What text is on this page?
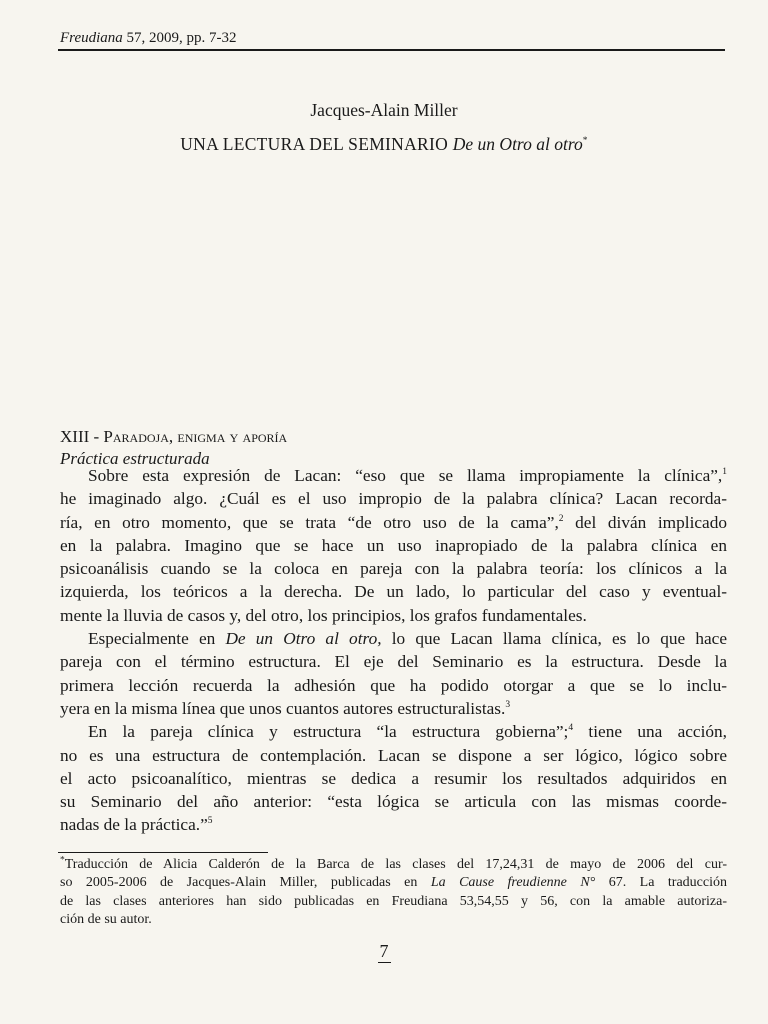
Freudiana 57, 2009, pp. 7-32
Jacques-Alain Miller
UNA LECTURA DEL SEMINARIO De un Otro al otro*
XIII - Paradoja, enigma y aporía
Práctica estructurada
Sobre esta expresión de Lacan: “eso que se llama impropiamente la clínica”,$^1$
he imaginado algo. ¿Cuál es el uso impropio de la palabra clínica? Lacan recorda-
ría, en otro momento, que se trata “de otro uso de la cama”,$^2$ del diván implicado
en la palabra. Imagino que se hace un uso inapropiado de la palabra clínica en
psicoanálisis cuando se la coloca en pareja con la palabra teoría: los clínicos a la
izquierda, los teóricos a la derecha. De un lado, lo particular del caso y eventual-
mente la lluvia de casos y, del otro, los principios, los grafos fundamentales.
Especialmente en De un Otro al otro, lo que Lacan llama clínica, es lo que hace
pareja con el término estructura. El eje del Seminario es la estructura. Desde la
primera lección recuerda la adhesión que ha podido otorgar a que se lo inclu-
yera en la misma línea que unos cuantos autores estructuralistas.$^3$
En la pareja clínica y estructura “la estructura gobierna”;$^4$ tiene una acción,
no es una estructura de contemplación. Lacan se dispone a ser lógico, lógico sobre
el acto psicoanalítico, mientras se dedica a resumir los resultados adquiridos en
su Seminario del año anterior: “esta lógica se articula con las mismas coorde-
nadas de la práctica.”$^5$
*Traducción de Alicia Calderón de la Barca de las clases del 17,24,31 de mayo de 2006 del cur-
so 2005-2006 de Jacques-Alain Miller, publicadas en La Cause freudienne N° 67. La traducción
de las clases anteriores han sido publicadas en Freudiana 53,54,55 y 56, con la amable autoriza-
ción de su autor.
7
